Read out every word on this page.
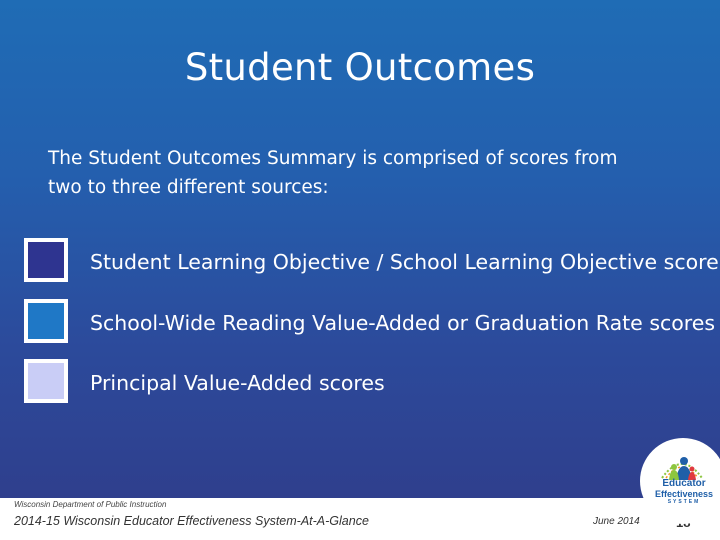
Student Outcomes
The Student Outcomes Summary is comprised of scores from
two to three different sources:
Student Learning Objective / School Learning Objective score
School-Wide Reading Value-Added or Graduation Rate scores
Principal Value-Added scores
Wisconsin Department of Public Instruction
2014-15 Wisconsin Educator Effectiveness System-At-A-Glance	June 2014
Educator
Effectiveness
SYSTEM
